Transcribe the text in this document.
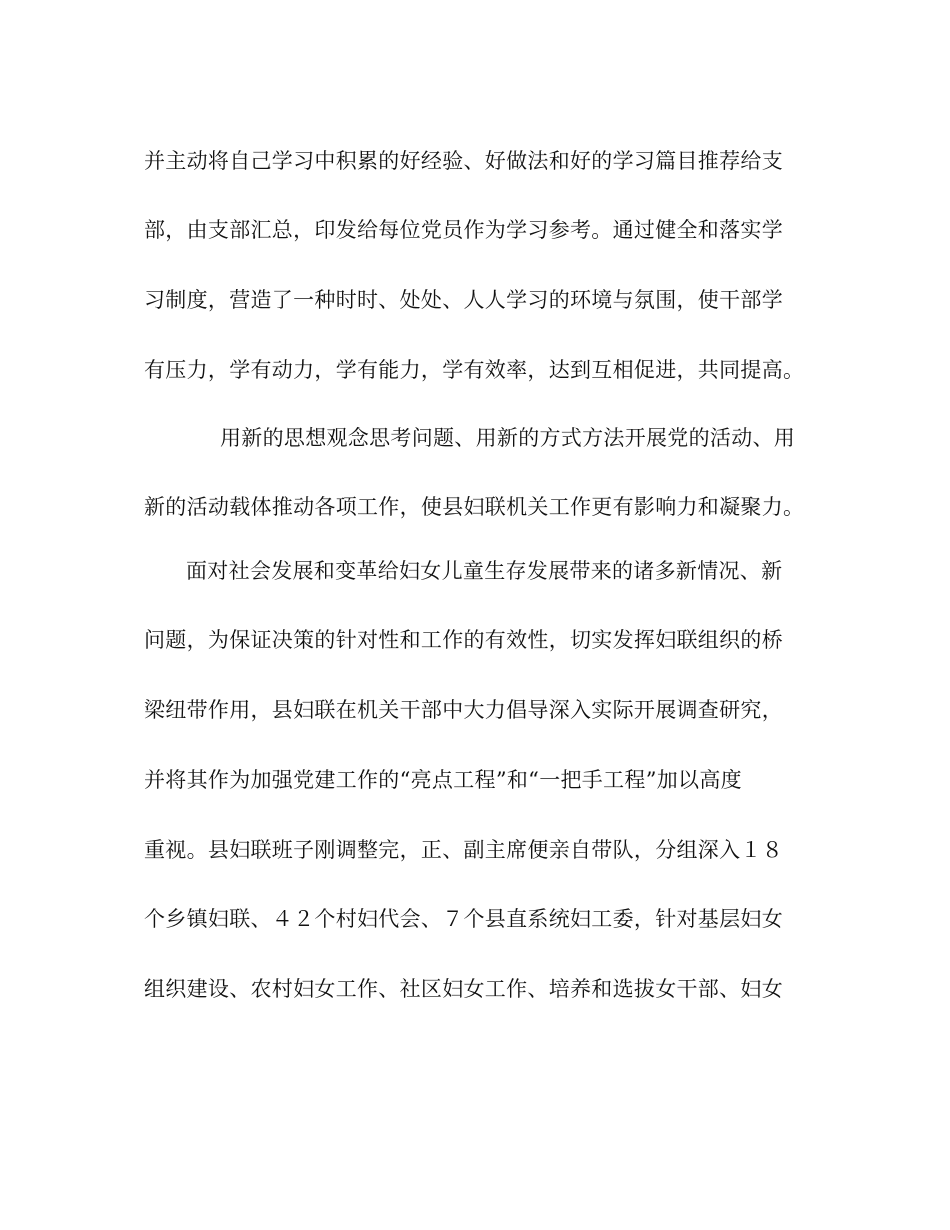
并主动将自己学习中积累的好经验、好做法和好的学习篇目推荐给支
部，由支部汇总，印发给每位党员作为学习参考。通过健全和落实学
习制度，营造了一种时时、处处、人人学习的环境与氛围，使干部学
有压力，学有动力，学有能力，学有效率，达到互相促进，共同提高。
用新的思想观念思考问题、用新的方式方法开展党的活动、用
新的活动载体推动各项工作，使县妇联机关工作更有影响力和凝聚力。
面对社会发展和变革给妇女儿童生存发展带来的诸多新情况、新
问题，为保证决策的针对性和工作的有效性，切实发挥妇联组织的桥
梁纽带作用，县妇联在机关干部中大力倡导深入实际开展调查研究，
并将其作为加强党建工作的“亮点工程”和“一把手工程”加以高度
重视。县妇联班子刚调整完，正、副主席便亲自带队，分组深入１８
个乡镇妇联、４２个村妇代会、７个县直系统妇工委，针对基层妇女
组织建设、农村妇女工作、社区妇女工作、培养和选拔女干部、妇女
